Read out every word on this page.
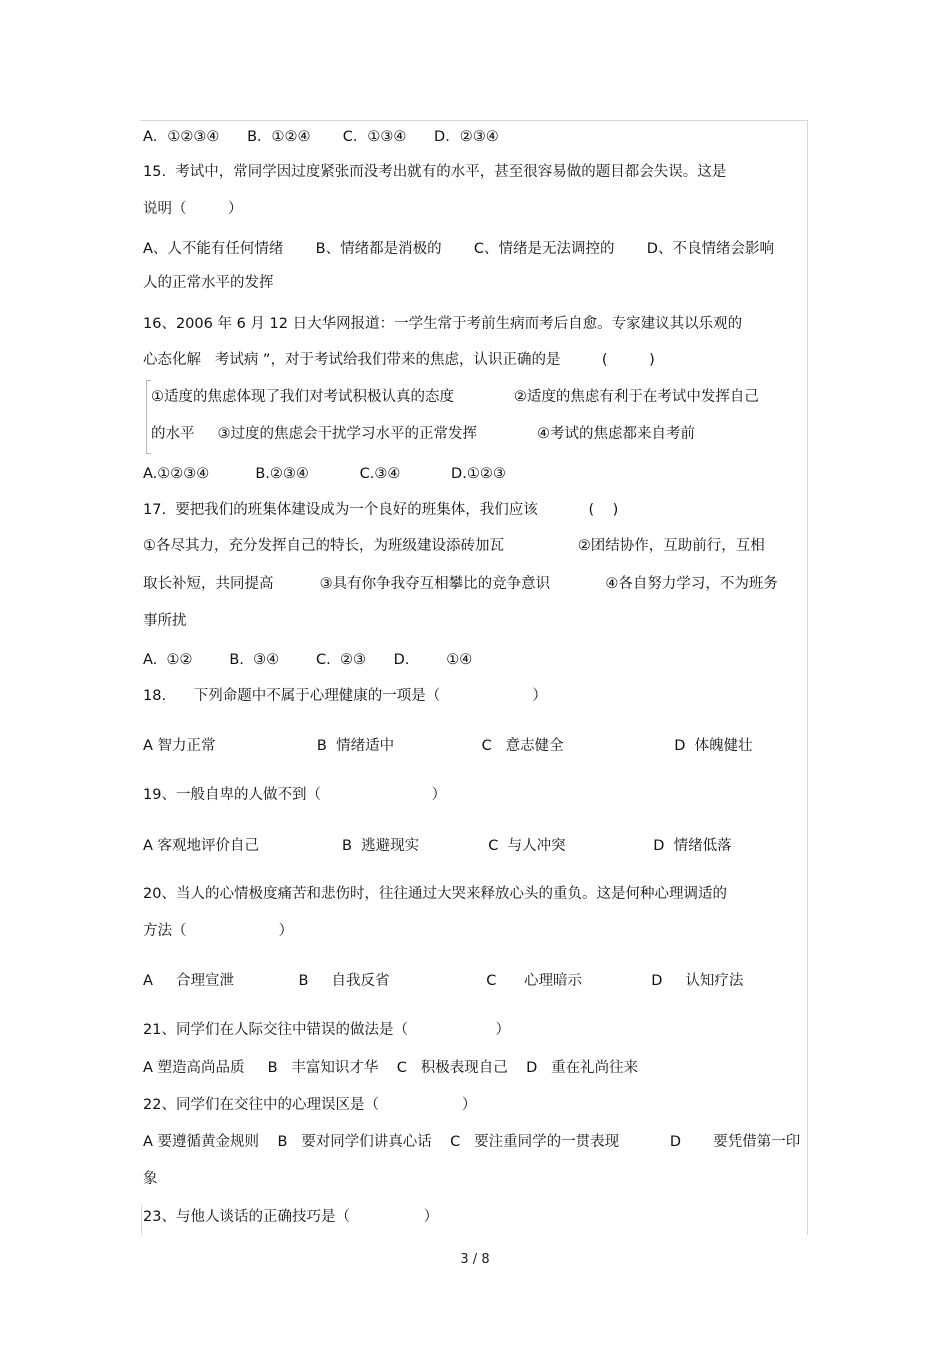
A．①②③④      B．①②④       C．①③④      D．②③④
15.  考试中，常同学因过度紧张而没考出就有的水平，甚至很容易做的题目都会失误。这是
说明（         ）
A、人不能有任何情绪       B、情绪都是消极的       C、情绪是无法调控的       D、不良情绪会影响
人的正常水平的发挥
16、2006 年 6 月 12 日大华网报道：一学生常于考前生病而考后自愈。专家建议其以乐观的
心态化解   考试病 ”，对于考试给我们带来的焦虑，认识正确的是         (         )
①适度的焦虑体现了我们对考试积极认真的态度             ②适度的焦虑有利于在考试中发挥自己
的水平     ③过度的焦虑会干扰学习水平的正常发挥             ④考试的焦虑都来自考前
A.①②③④          B.②③④           C.③④           D.①②③
17.  要把我们的班集体建设成为一个良好的班集体，我们应该           (    )
①各尽其力，充分发挥自己的特长，为班级建设添砖加瓦                ②团结协作，互助前行，互相
取长补短，共同提高          ③具有你争我夺互相攀比的竞争意识            ④各自努力学习，不为班务
事所扰
A.  ①②        B.  ③④        C.  ②③      D.        ①④
18.      下列命题中不属于心理健康的一项是（                    ）
A 智力正常                      B  情绪适中                   C   意志健全                        D  体魄健壮
19、一般自卑的人做不到（                        ）
A 客观地评价自己                  B  逃避现实               C  与人冲突                   D  情绪低落
20、当人的心情极度痛苦和悲伤时，往往通过大哭来释放心头的重负。这是何种心理调适的
方法（                    ）
A     合理宣泄              B     自我反省                     C      心理暗示               D     认知疗法
21、同学们在人际交往中错误的做法是（                   ）
A 塑造高尚品质     B   丰富知识才华    C   积极表现自己    D   重在礼尚往来
22、同学们在交往中的心理误区是（                  ）
A 要遵循黄金规则    B   要对同学们讲真心话    C   要注重同学的一贯表现           D       要凭借第一印
象
23、与他人谈话的正确技巧是（                ）
3 / 8
